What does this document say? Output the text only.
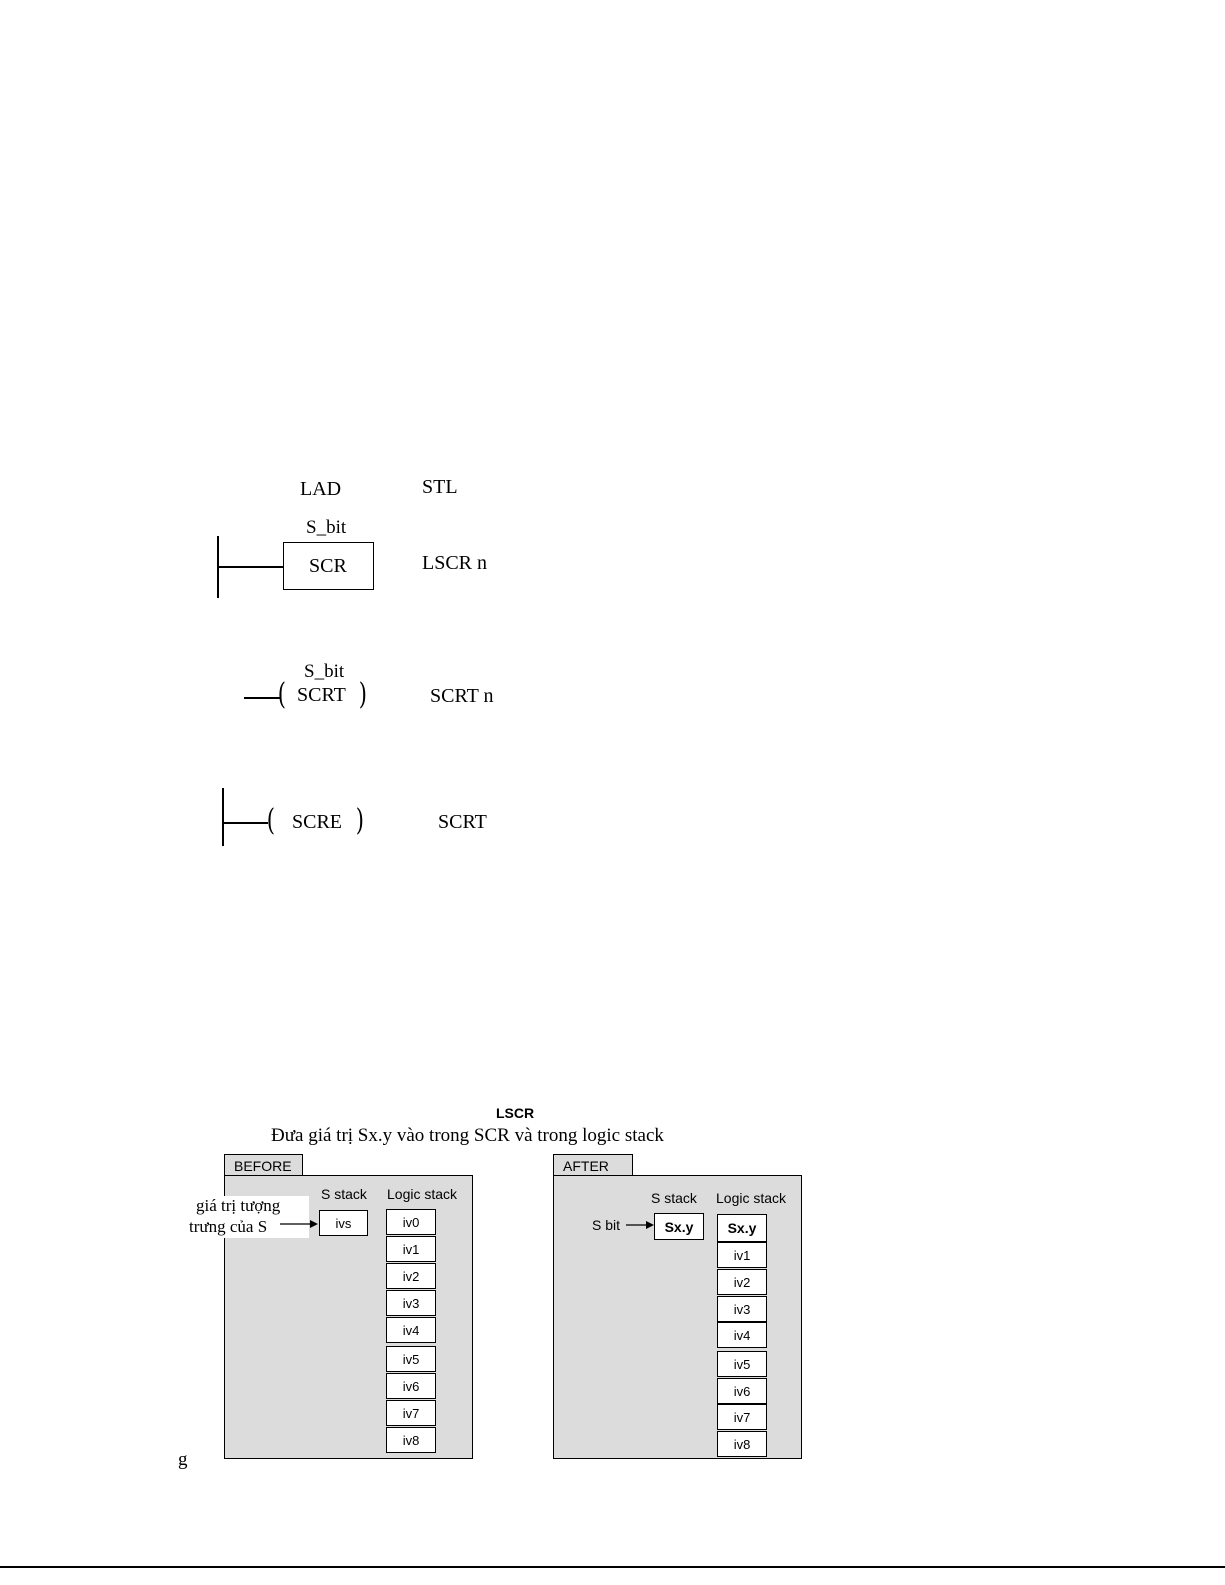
LAD	STL
S_bit
SCR	LSCR n
S_bit
( SCRT )	SCRT n
( SCRE )	SCRT
LSCR
Đưa giá trị Sx.y vào trong SCR và trong logic stack
BEFORE
S stack Logic stack
ivs	iv0
iv1
iv2
iv3
iv4
iv5
iv6
iv7
iv8
giá trị tượng
trưng của S
AFTER
S stack Logic stack
S bit	Sx.y	Sx.y
iv1
iv2
iv3
iv4
iv5
iv6
iv7
iv8
g
